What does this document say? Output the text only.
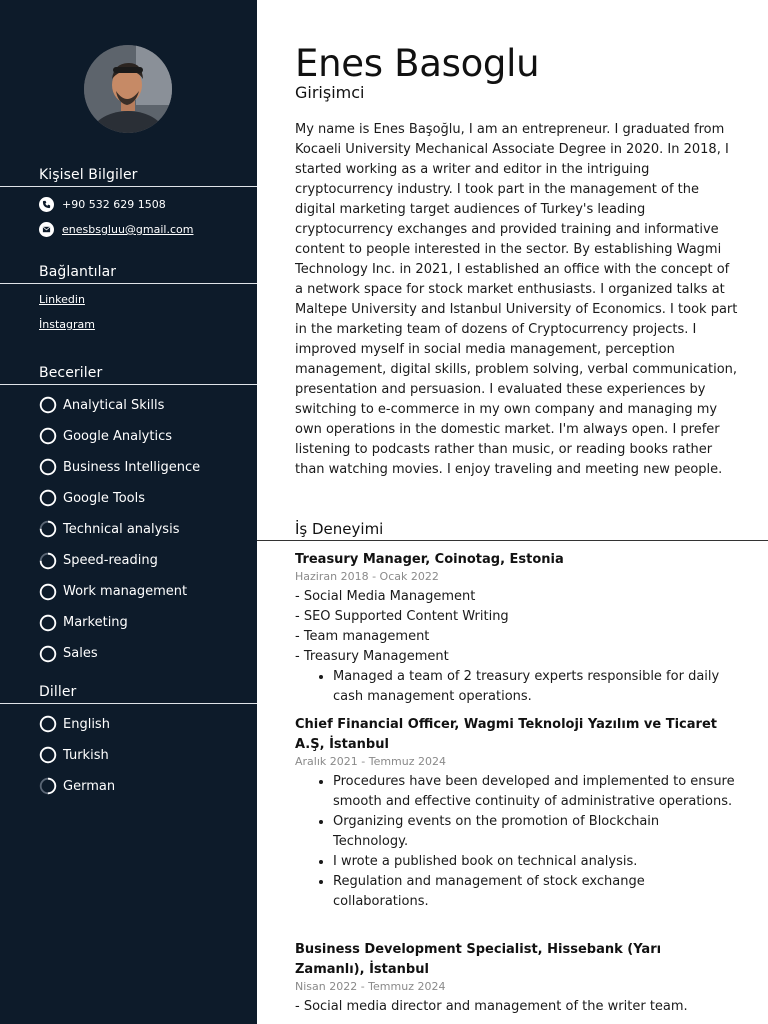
Kişisel Bilgiler
+90 532 629 1508
enesbsgluu@gmail.com
Bağlantılar
Linkedin
İnstagram
Beceriler
Analytical Skills
Google Analytics
Business Intelligence
Google Tools
Technical analysis
Speed-reading
Work management
Marketing
Sales
Diller
English
Turkish
German
Enes Basoglu
Girişimci
My name is Enes Başoğlu, I am an entrepreneur. I graduated from Kocaeli University Mechanical Associate Degree in 2020. In 2018, I started working as a writer and editor in the intriguing cryptocurrency industry. I took part in the management of the digital marketing target audiences of Turkey's leading cryptocurrency exchanges and provided training and informative content to people interested in the sector. By establishing Wagmi Technology Inc. in 2021, I established an office with the concept of a network space for stock market enthusiasts. I organized talks at Maltepe University and Istanbul University of Economics. I took part in the marketing team of dozens of Cryptocurrency projects. I improved myself in social media management, perception management, digital skills, problem solving, verbal communication, presentation and persuasion. I evaluated these experiences by switching to e-commerce in my own company and managing my own operations in the domestic market. I'm always open. I prefer listening to podcasts rather than music, or reading books rather than watching movies. I enjoy traveling and meeting new people.
İş Deneyimi
Treasury Manager, Coinotag, Estonia
Haziran 2018 - Ocak 2022
- Social Media Management
- SEO Supported Content Writing
- Team management
- Treasury Management
• Managed a team of 2 treasury experts responsible for daily cash management operations.
Chief Financial Officer, Wagmi Teknoloji Yazılım ve Ticaret A.Ş, İstanbul
Aralık 2021 - Temmuz 2024
• Procedures have been developed and implemented to ensure smooth and effective continuity of administrative operations.
• Organizing events on the promotion of Blockchain Technology.
• I wrote a published book on technical analysis.
• Regulation and management of stock exchange collaborations.
Business Development Specialist, Hissebank (Yarı Zamanlı), İstanbul
Nisan 2022 - Temmuz 2024
- Social media director and management of the writer team.
